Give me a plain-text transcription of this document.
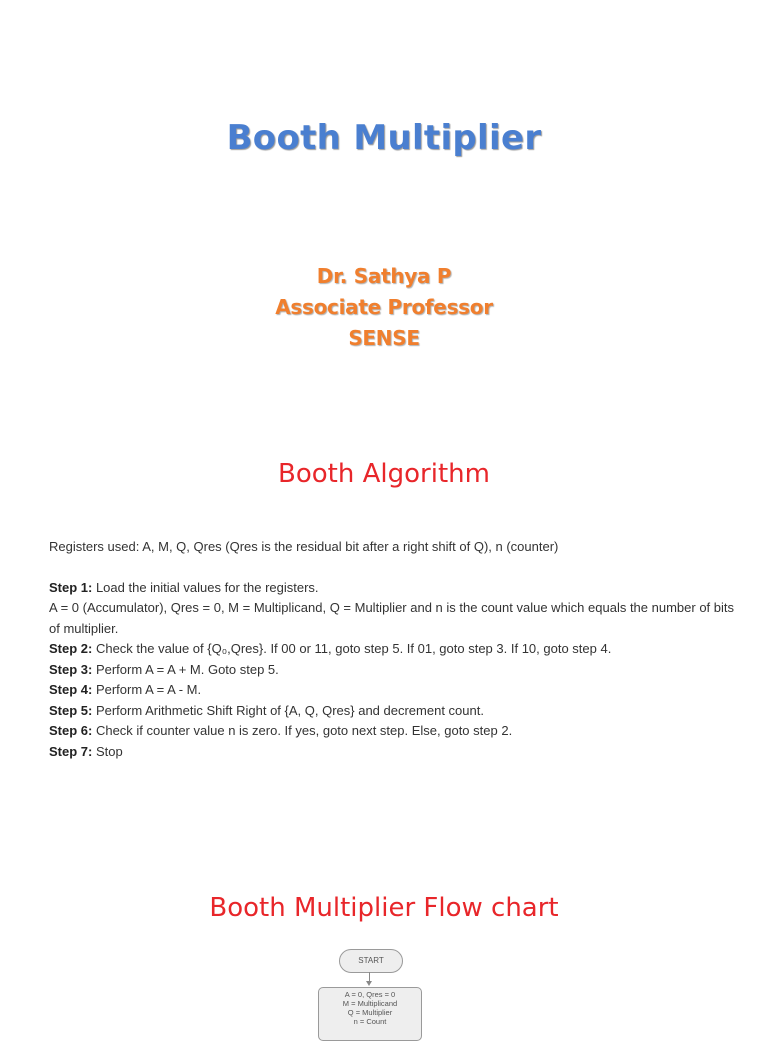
Booth Multiplier
Dr. Sathya P
Associate Professor
SENSE
Booth Algorithm
Registers used: A, M, Q, Qres (Qres is the residual bit after a right shift of Q), n (counter)
Step 1: Load the initial values for the registers.
A = 0 (Accumulator), Qres = 0, M = Multiplicand, Q = Multiplier and n is the count value which equals the number of bits of multiplier.
Step 2: Check the value of {Q₀,Qres}. If 00 or 11, goto step 5. If 01, goto step 3. If 10, goto step 4.
Step 3: Perform A = A + M. Goto step 5.
Step 4: Perform A = A - M.
Step 5: Perform Arithmetic Shift Right of {A, Q, Qres} and decrement count.
Step 6: Check if counter value n is zero. If yes, goto next step. Else, goto step 2.
Step 7: Stop
Booth Multiplier Flow chart
START
A = 0, Qres = 0
M = Multiplicand
Q = Multiplier
n = Count
